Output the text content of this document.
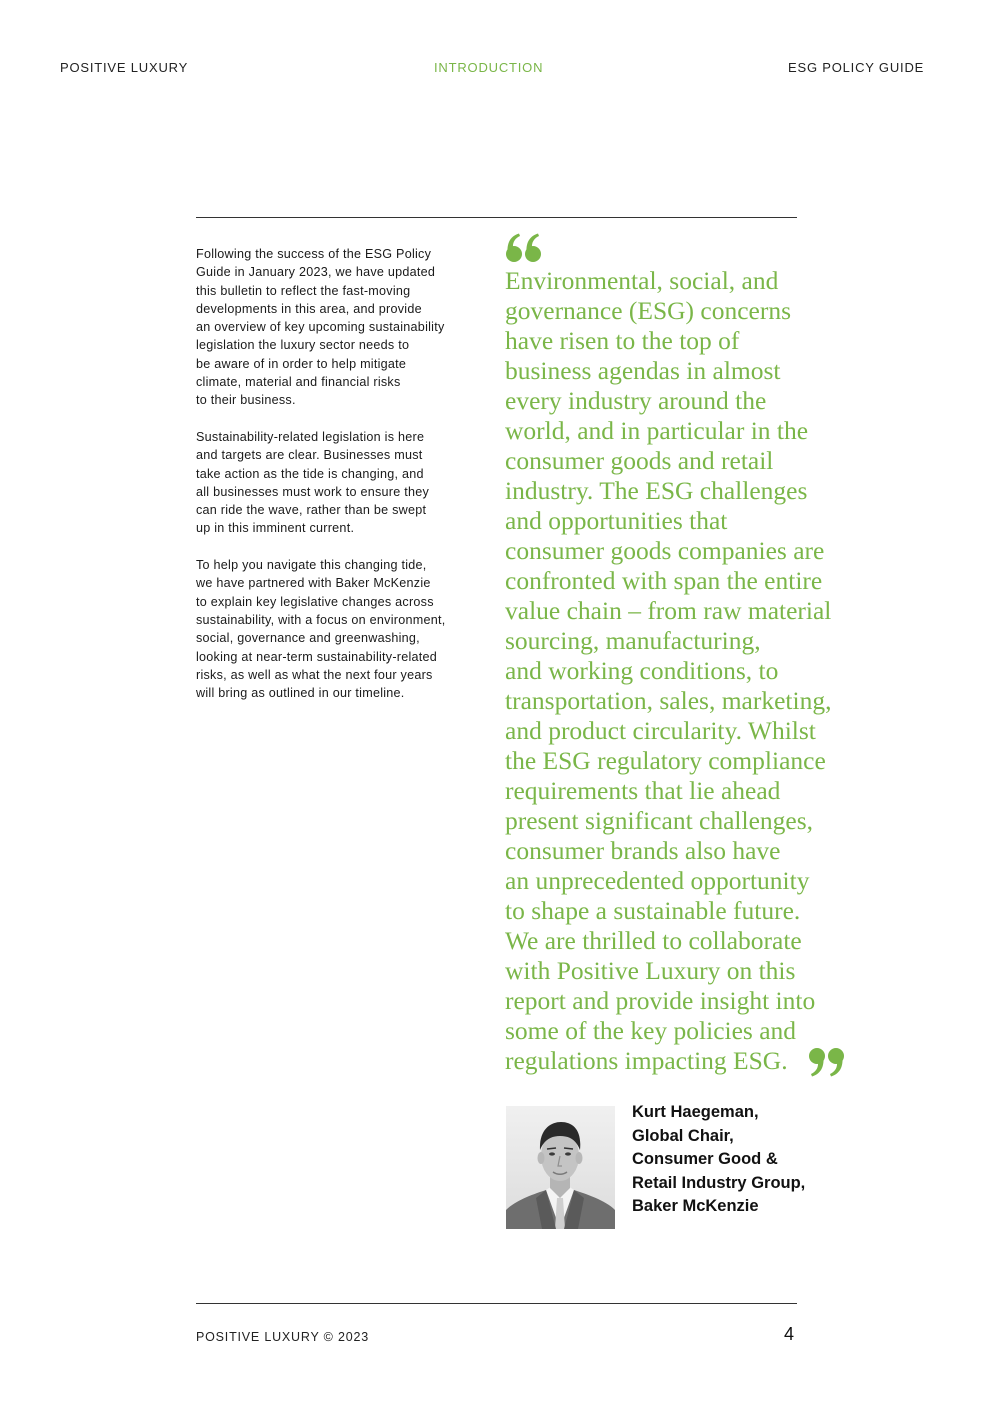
POSITIVE LUXURY	INTRODUCTION	ESG POLICY GUIDE

Following the success of the ESG Policy
Guide in January 2023, we have updated
this bulletin to reflect the fast-moving
developments in this area, and provide
an overview of key upcoming sustainability
legislation the luxury sector needs to
be aware of in order to help mitigate
climate, material and financial risks
to their business.

Sustainability-related legislation is here
and targets are clear. Businesses must
take action as the tide is changing, and
all businesses must work to ensure they
can ride the wave, rather than be swept
up in this imminent current.

To help you navigate this changing tide,
we have partnered with Baker McKenzie
to explain key legislative changes across
sustainability, with a focus on environment,
social, governance and greenwashing,
looking at near-term sustainability-related
risks, as well as what the next four years
will bring as outlined in our timeline.

Environmental, social, and
governance (ESG) concerns
have risen to the top of
business agendas in almost
every industry around the
world, and in particular in the
consumer goods and retail
industry. The ESG challenges
and opportunities that
consumer goods companies are
confronted with span the entire
value chain – from raw material
sourcing, manufacturing,
and working conditions, to
transportation, sales, marketing,
and product circularity. Whilst
the ESG regulatory compliance
requirements that lie ahead
present significant challenges,
consumer brands also have
an unprecedented opportunity
to shape a sustainable future.
We are thrilled to collaborate
with Positive Luxury on this
report and provide insight into
some of the key policies and
regulations impacting ESG.
Kurt Haegeman,
Global Chair,
Consumer Good &
Retail Industry Group,
Baker McKenzie
POSITIVE LUXURY © 2023	4
